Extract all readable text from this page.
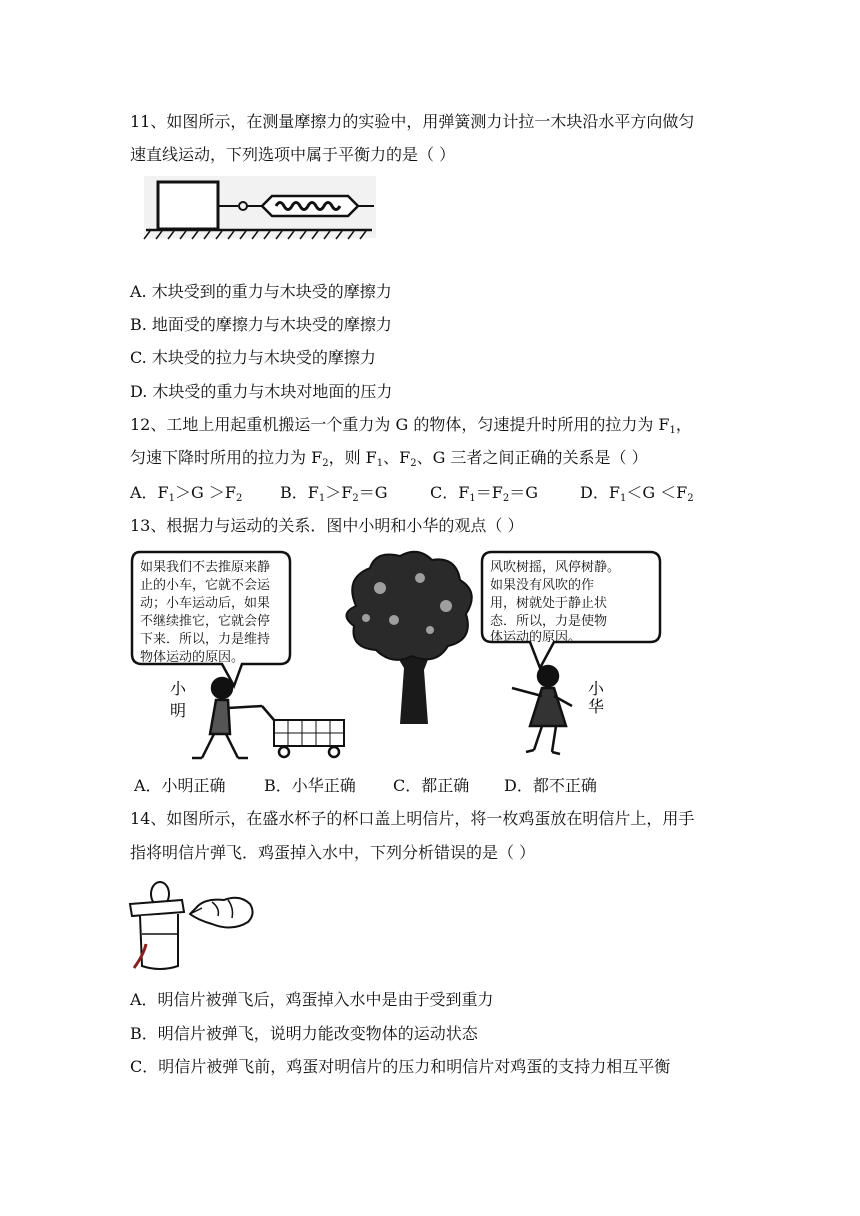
11、如图所示，在测量摩擦力的实验中，用弹簧测力计拉一木块沿水平方向做匀
速直线运动，下列选项中属于平衡力的是（ ）
A. 木块受到的重力与木块受的摩擦力
B. 地面受的摩擦力与木块受的摩擦力
C. 木块受的拉力与木块受的摩擦力
D. 木块受的重力与木块对地面的压力
12、工地上用起重机搬运一个重力为 G 的物体，匀速提升时所用的拉力为 $F_1$，
匀速下降时所用的拉力为 $F_2$，则 $F_1$、$F_2$、G 三者之间正确的关系是（ ）
A．$F_1>G >F_2$ B．$F_1>F_2=G$	C．$F_1=F_2=G$	D．$F_1<G <F_2$
13、根据力与运动的关系．图中小明和小华的观点（ ）
如果我们不去推原来静
止的小车，它就不会运
动；小车运动后，如果
不继续推它，它就会停
下来．所以，力是维持
物体运动的原因。
小
明
风吹树摇，风停树静。
如果没有风吹的作
用，树就处于静止状
态．所以，力是使物
体运动的原因。
小
华
A．小明正确 B．小华正确 C．都正确 D．都不正确
14、如图所示，在盛水杯子的杯口盖上明信片，将一枚鸡蛋放在明信片上，用手
指将明信片弹飞．鸡蛋掉入水中，下列分析错误的是（ ）
A．明信片被弹飞后，鸡蛋掉入水中是由于受到重力
B．明信片被弹飞，说明力能改变物体的运动状态
C．明信片被弹飞前，鸡蛋对明信片的压力和明信片对鸡蛋的支持力相互平衡
